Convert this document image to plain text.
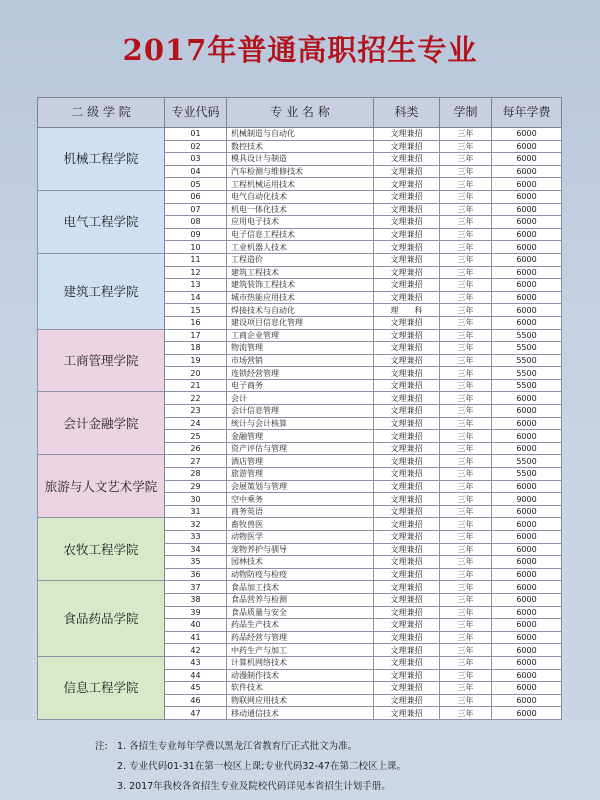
2017年普通高职招生专业
二 级 学 院	专业代码	专 业 名 称	科类	学制	每年学费
机械工程学院	01	机械制造与自动化	文理兼招	三年	6000
	02	数控技术	文理兼招	三年	6000
	03	模具设计与制造	文理兼招	三年	6000
	04	汽车检测与维修技术	文理兼招	三年	6000
	05	工程机械运用技术	文理兼招	三年	6000
电气工程学院	06	电气自动化技术	文理兼招	三年	6000
	07	机电一体化技术	文理兼招	三年	6000
	08	应用电子技术	文理兼招	三年	6000
	09	电子信息工程技术	文理兼招	三年	6000
	10	工业机器人技术	文理兼招	三年	6000
建筑工程学院	11	工程造价	文理兼招	三年	6000
	12	建筑工程技术	文理兼招	三年	6000
	13	建筑装饰工程技术	文理兼招	三年	6000
	14	城市热能应用技术	文理兼招	三年	6000
	15	焊接技术与自动化	理　　科	三年	6000
	16	建设项目信息化管理	文理兼招	三年	6000
工商管理学院	17	工商企业管理	文理兼招	三年	5500
	18	物流管理	文理兼招	三年	5500
	19	市场营销	文理兼招	三年	5500
	20	连锁经营管理	文理兼招	三年	5500
	21	电子商务	文理兼招	三年	5500
会计金融学院	22	会计	文理兼招	三年	6000
	23	会计信息管理	文理兼招	三年	6000
	24	统计与会计核算	文理兼招	三年	6000
	25	金融管理	文理兼招	三年	6000
	26	资产评估与管理	文理兼招	三年	6000
旅游与人文艺术学院	27	酒店管理	文理兼招	三年	5500
	28	旅游管理	文理兼招	三年	5500
	29	会展策划与管理	文理兼招	三年	6000
	30	空中乘务	文理兼招	三年	9000
	31	商务英语	文理兼招	三年	6000
农牧工程学院	32	畜牧兽医	文理兼招	三年	6000
	33	动物医学	文理兼招	三年	6000
	34	宠物养护与驯导	文理兼招	三年	6000
	35	园林技术	文理兼招	三年	6000
	36	动物防疫与检疫	文理兼招	三年	6000
食品药品学院	37	食品加工技术	文理兼招	三年	6000
	38	食品营养与检测	文理兼招	三年	6000
	39	食品质量与安全	文理兼招	三年	6000
	40	药品生产技术	文理兼招	三年	6000
	41	药品经营与管理	文理兼招	三年	6000
	42	中药生产与加工	文理兼招	三年	6000
信息工程学院	43	计算机网络技术	文理兼招	三年	6000
	44	动漫制作技术	文理兼招	三年	6000
	45	软件技术	文理兼招	三年	6000
	46	物联网应用技术	文理兼招	三年	6000
	47	移动通信技术	文理兼招	三年	6000
注: 1. 各招生专业每年学费以黑龙江省教育厅正式批文为准。
2. 专业代码01-31在第一校区上课;专业代码32-47在第二校区上课。
3. 2017年我校各省招生专业及院校代码详见本省招生计划手册。
